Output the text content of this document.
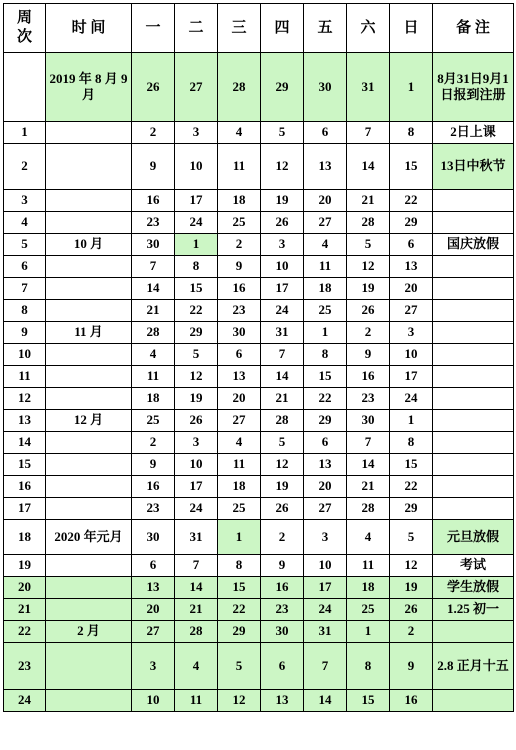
周次	时 间	一	二	三	四	五	六	日	备 注
	2019 年 8 月 9 月	26	27	28	29	30	31	1	8月31日9月1日报到注册
1		2	3	4	5	6	7	8	2日上课
2		9	10	11	12	13	14	15	13日中秋节
3		16	17	18	19	20	21	22	
4		23	24	25	26	27	28	29	
5	10 月	30	1	2	3	4	5	6	国庆放假
6		7	8	9	10	11	12	13	
7		14	15	16	17	18	19	20	
8		21	22	23	24	25	26	27	
9	11 月	28	29	30	31	1	2	3	
10		4	5	6	7	8	9	10	
11		11	12	13	14	15	16	17	
12		18	19	20	21	22	23	24	
13	12 月	25	26	27	28	29	30	1	
14		2	3	4	5	6	7	8	
15		9	10	11	12	13	14	15	
16		16	17	18	19	20	21	22	
17		23	24	25	26	27	28	29	
18	2020 年元月	30	31	1	2	3	4	5	元旦放假
19		6	7	8	9	10	11	12	考试
20		13	14	15	16	17	18	19	学生放假
21		20	21	22	23	24	25	26	1.25 初一
22	2 月	27	28	29	30	31	1	2	
23		3	4	5	6	7	8	9	2.8 正月十五
24		10	11	12	13	14	15	16	
